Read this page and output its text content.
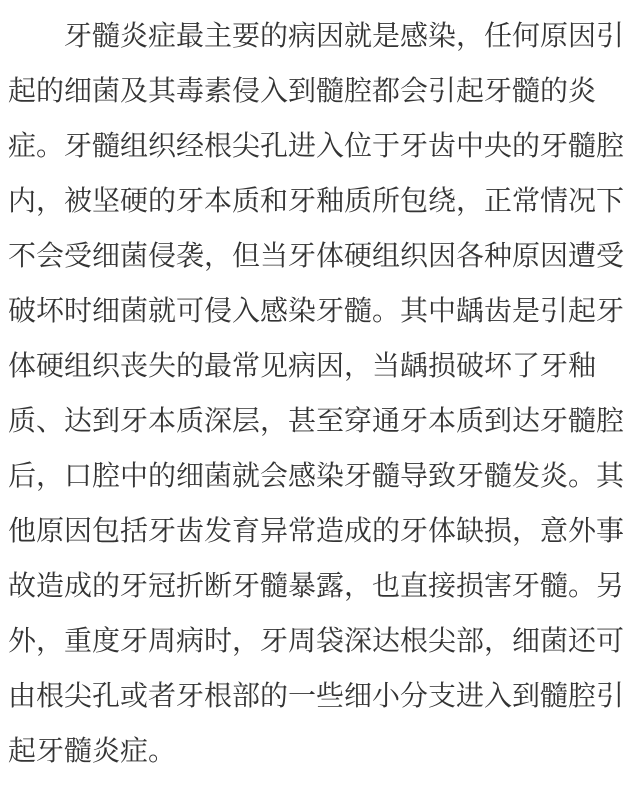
牙髓炎症最主要的病因就是感染，任何原因引
起的细菌及其毒素侵入到髓腔都会引起牙髓的炎
症。牙髓组织经根尖孔进入位于牙齿中央的牙髓腔
内，被坚硬的牙本质和牙釉质所包绕，正常情况下
不会受细菌侵袭，但当牙体硬组织因各种原因遭受
破坏时细菌就可侵入感染牙髓。其中龋齿是引起牙
体硬组织丧失的最常见病因，当龋损破坏了牙釉
质、达到牙本质深层，甚至穿通牙本质到达牙髓腔
后，口腔中的细菌就会感染牙髓导致牙髓发炎。其
他原因包括牙齿发育异常造成的牙体缺损，意外事
故造成的牙冠折断牙髓暴露，也直接损害牙髓。另
外，重度牙周病时，牙周袋深达根尖部，细菌还可
由根尖孔或者牙根部的一些细小分支进入到髓腔引
起牙髓炎症。
